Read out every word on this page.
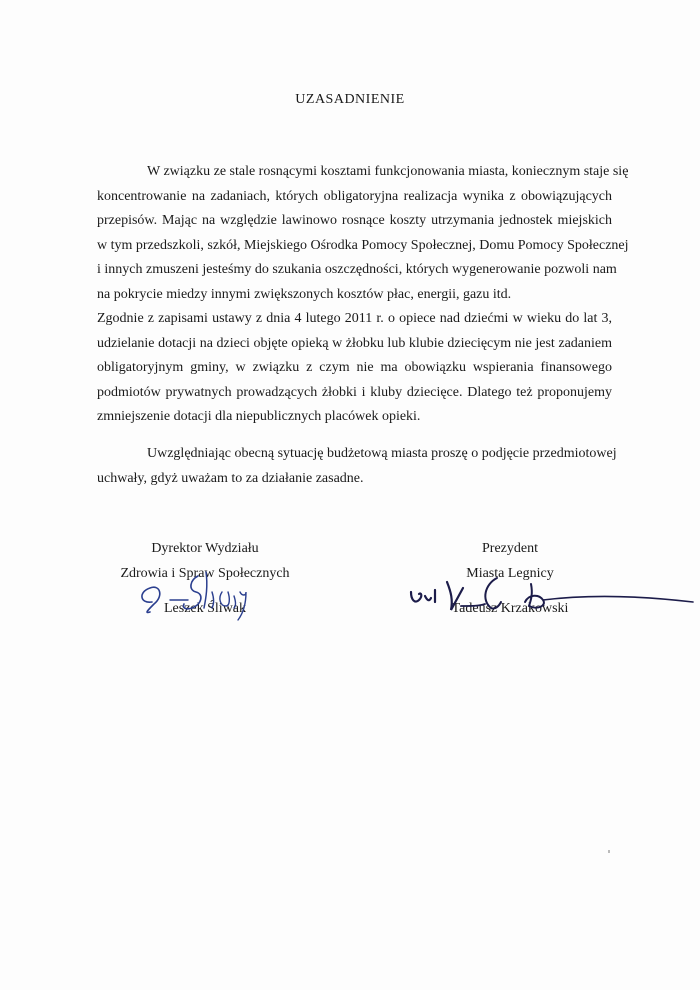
UZASADNIENIE
W związku ze stale rosnącymi kosztami funkcjonowania miasta, koniecznym staje się
koncentrowanie na zadaniach, których obligatoryjna realizacja wynika z obowiązujących
przepisów. Mając na względzie lawinowo rosnące koszty utrzymania jednostek miejskich
w tym przedszkoli, szkół, Miejskiego Ośrodka Pomocy Społecznej, Domu Pomocy Społecznej
i innych zmuszeni jesteśmy do szukania oszczędności, których wygenerowanie pozwoli nam
na pokrycie miedzy innymi zwiększonych kosztów płac, energii, gazu itd.
Zgodnie z zapisami ustawy z dnia 4 lutego 2011 r. o opiece nad dziećmi w wieku do lat 3,
udzielanie dotacji na dzieci objęte opieką w żłobku lub klubie dziecięcym nie jest zadaniem
obligatoryjnym gminy, w związku z czym nie ma obowiązku wspierania finansowego
podmiotów prywatnych prowadzących żłobki i kluby dziecięce. Dlatego też proponujemy
zmniejszenie dotacji dla niepublicznych placówek opieki.
Uwzględniając obecną sytuację budżetową miasta proszę o podjęcie przedmiotowej
uchwały, gdyż uważam to za działanie zasadne.
Dyrektor Wydziału
Zdrowia i Spraw Społecznych
Leszek Śliwak
Prezydent
Miasta Legnicy
Tadeusz Krzakowski
